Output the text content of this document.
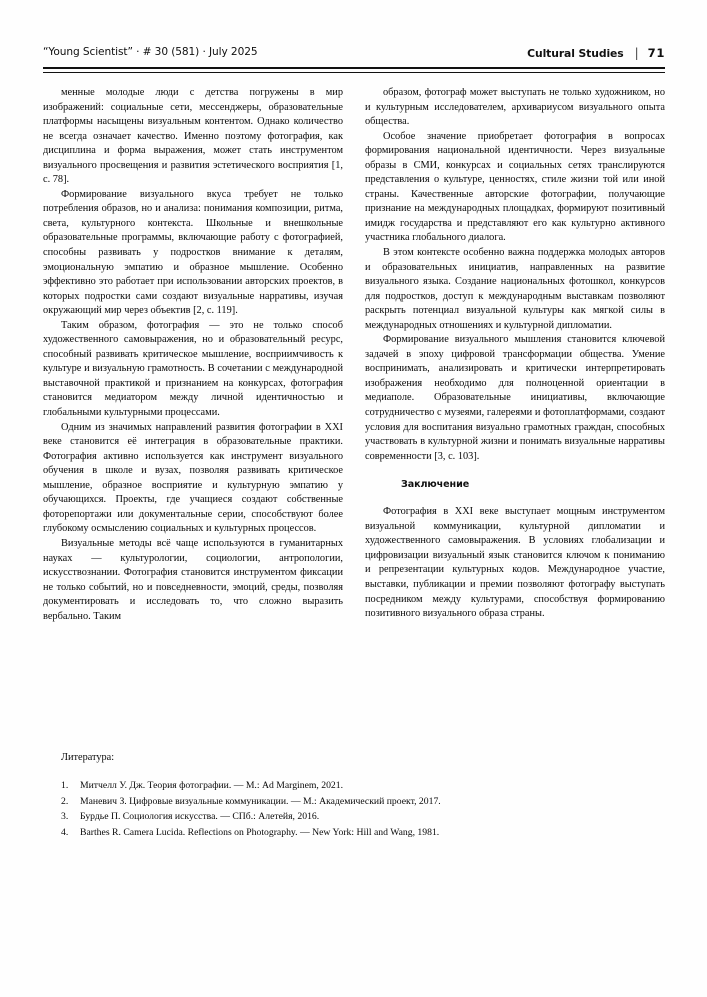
“Young Scientist” · # 30 (581) · July 2025	Cultural Studies | 71

менные молодые люди с детства погружены в мир изображений: социальные сети, мессенджеры, образовательные платформы насыщены визуальным контентом. Однако количество не всегда означает качество. Именно поэтому фотография, как дисциплина и форма выражения, может стать инструментом визуального просвещения и развития эстетического восприятия [1, с. 78].

Формирование визуального вкуса требует не только потребления образов, но и анализа: понимания композиции, ритма, света, культурного контекста. Школьные и внешкольные образовательные программы, включающие работу с фотографией, способны развивать у подростков внимание к деталям, эмоциональную эмпатию и образное мышление. Особенно эффективно это работает при использовании авторских проектов, в которых подростки сами создают визуальные нарративы, изучая окружающий мир через объектив [2, с. 119].

Таким образом, фотография — это не только способ художественного самовыражения, но и образовательный ресурс, способный развивать критическое мышление, восприимчивость к культуре и визуальную грамотность. В сочетании с международной выставочной практикой и признанием на конкурсах, фотография становится медиатором между личной идентичностью и глобальными культурными процессами.

Одним из значимых направлений развития фотографии в XXI веке становится её интеграция в образовательные практики. Фотография активно используется как инструмент визуального обучения в школе и вузах, позволяя развивать критическое мышление, образное восприятие и культурную эмпатию у обучающихся. Проекты, где учащиеся создают собственные фоторепортажи или документальные серии, способствуют более глубокому осмыслению социальных и культурных процессов.

Визуальные методы всё чаще используются в гуманитарных науках — культурологии, социологии, антропологии, искусствознании. Фотография становится инструментом фиксации не только событий, но и повседневности, эмоций, среды, позволяя документировать и исследовать то, что сложно выразить вербально. Таким

образом, фотограф может выступать не только художником, но и культурным исследователем, архивариусом визуального опыта общества.

Особое значение приобретает фотография в вопросах формирования национальной идентичности. Через визуальные образы в СМИ, конкурсах и социальных сетях транслируются представления о культуре, ценностях, стиле жизни той или иной страны. Качественные авторские фотографии, получающие признание на международных площадках, формируют позитивный имидж государства и представляют его как культурно активного участника глобального диалога.

В этом контексте особенно важна поддержка молодых авторов и образовательных инициатив, направленных на развитие визуального языка. Создание национальных фотошкол, конкурсов для подростков, доступ к международным выставкам позволяют раскрыть потенциал визуальной культуры как мягкой силы в международных отношениях и культурной дипломатии.

Формирование визуального мышления становится ключевой задачей в эпоху цифровой трансформации общества. Умение воспринимать, анализировать и критически интерпретировать изображения необходимо для полноценной ориентации в медиаполе. Образовательные инициативы, включающие сотрудничество с музеями, галереями и фотоплатформами, создают условия для воспитания визуально грамотных граждан, способных участвовать в культурной жизни и понимать визуальные нарративы современности [3, с. 103].

Заключение

Фотография в XXI веке выступает мощным инструментом визуальной коммуникации, культурной дипломатии и художественного самовыражения. В условиях глобализации и цифровизации визуальный язык становится ключом к пониманию и репрезентации культурных кодов. Международное участие, выставки, публикации и премии позволяют фотографу выступать посредником между культурами, способствуя формированию позитивного визуального образа страны.

Литература:
1.	Митчелл У. Дж. Теория фотографии. — М.: Ad Marginem, 2021.
2.	Маневич З. Цифровые визуальные коммуникации. — М.: Академический проект, 2017.
3.	Бурдье П. Социология искусства. — СПб.: Алетейя, 2016.
4.	Barthes R. Camera Lucida. Reflections on Photography. — New York: Hill and Wang, 1981.
